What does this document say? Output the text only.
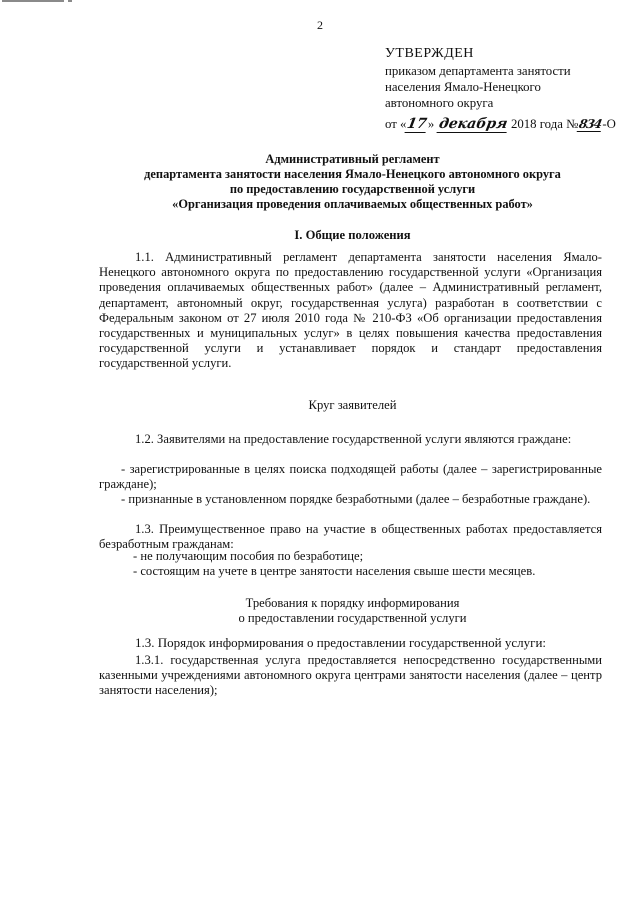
2
УТВЕРЖДЕН
приказом департамента занятости
населения Ямало-Ненецкого
автономного округа
от «17» декабря 2018 года №834-О
Административный регламент
департамента занятости населения Ямало-Ненецкого автономного округа
по предоставлению государственной услуги
«Организация проведения оплачиваемых общественных работ»
I. Общие положения

1.1. Административный регламент департамента занятости населения Ямало-Ненецкого автономного округа по предоставлению государственной услуги «Организация проведения оплачиваемых общественных работ» (далее – Административный регламент, департамент, автономный округ, государственная услуга) разработан в соответствии с Федеральным законом от 27 июля 2010 года № 210-ФЗ «Об организации предоставления государственных и муниципальных услуг» в целях повышения качества предоставления государственной услуги и устанавливает порядок и стандарт предоставления государственной услуги.

Круг заявителей

1.2. Заявителями на предоставление государственной услуги являются граждане:

- зарегистрированные в целях поиска подходящей работы (далее – зарегистрированные граждане);

- признанные в установленном порядке безработными (далее – безработные граждане).

1.3. Преимущественное право на участие в общественных работах предоставляется безработным гражданам:

- не получающим пособия по безработице;

- состоящим на учете в центре занятости населения свыше шести месяцев.

Требования к порядку информирования

о предоставлении государственной услуги

1.3. Порядок информирования о предоставлении государственной услуги:

1.3.1. государственная услуга предоставляется непосредственно государственными казенными учреждениями автономного округа центрами занятости населения (далее – центр занятости населения);
